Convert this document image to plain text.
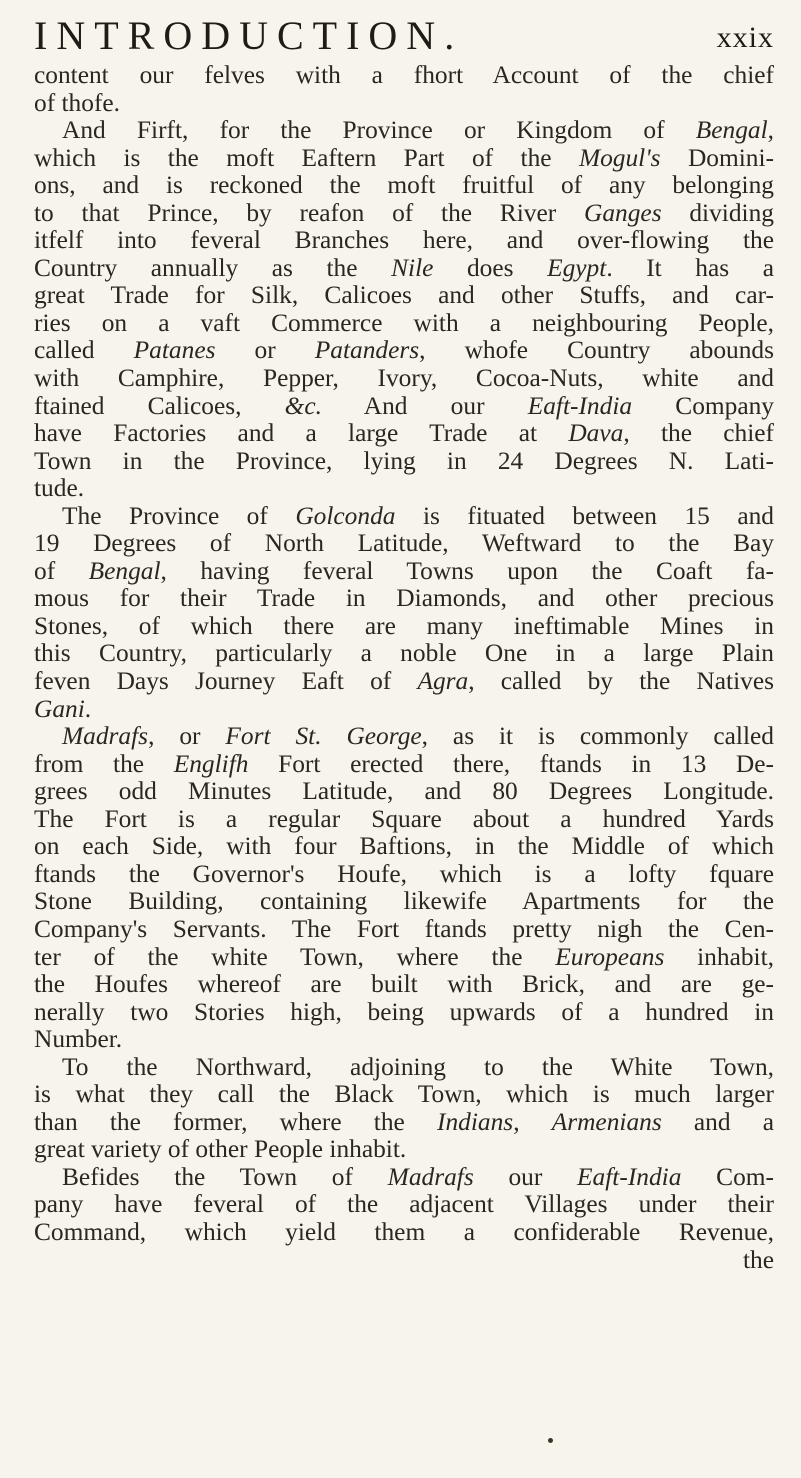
INTRODUCTION.	xxix
content our felves with a fhort Account of the chief
of thofe.
And Firft, for the Province or Kingdom of Bengal,
which is the moft Eaftern Part of the Mogul's Domini-
ons, and is reckoned the moft fruitful of any belonging
to that Prince, by reafon of the River Ganges dividing
itfelf into feveral Branches here, and over-flowing the
Country annually as the Nile does Egypt. It has a
great Trade for Silk, Calicoes and other Stuffs, and car-
ries on a vaft Commerce with a neighbouring People,
called Patanes or Patanders, whofe Country abounds
with Camphire, Pepper, Ivory, Cocoa-Nuts, white and
ftained Calicoes, &c. And our Eaft-India Company
have Factories and a large Trade at Dava, the chief
Town in the Province, lying in 24 Degrees N. Lati-
tude.
The Province of Golconda is fituated between 15 and
19 Degrees of North Latitude, Weftward to the Bay
of Bengal, having feveral Towns upon the Coaft fa-
mous for their Trade in Diamonds, and other precious
Stones, of which there are many ineftimable Mines in
this Country, particularly a noble One in a large Plain
feven Days Journey Eaft of Agra, called by the Natives
Gani.
Madrafs, or Fort St. George, as it is commonly called
from the Englifh Fort erected there, ftands in 13 De-
grees odd Minutes Latitude, and 80 Degrees Longitude.
The Fort is a regular Square about a hundred Yards
on each Side, with four Baftions, in the Middle of which
ftands the Governor's Houfe, which is a lofty fquare
Stone Building, containing likewife Apartments for the
Company's Servants. The Fort ftands pretty nigh the Cen-
ter of the white Town, where the Europeans inhabit,
the Houfes whereof are built with Brick, and are ge-
nerally two Stories high, being upwards of a hundred in
Number.
To the Northward, adjoining to the White Town,
is what they call the Black Town, which is much larger
than the former, where the Indians, Armenians and a
great variety of other People inhabit.
Befides the Town of Madrafs our Eaft-India Com-
pany have feveral of the adjacent Villages under their
Command, which yield them a confiderable Revenue,
the
